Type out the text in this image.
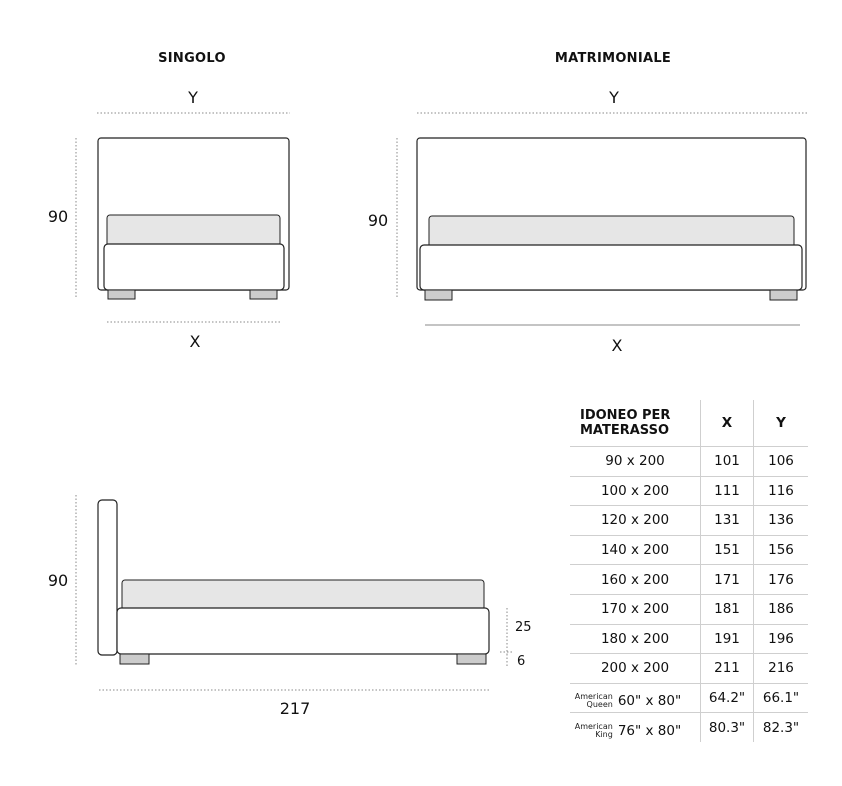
SINGOLO
Y
90
X
MATRIMONIALE
Y
90
X
90
25
6
217
IDONEO PER MATERASSO	X	Y
90 x 200	101	106
100 x 200	111	116
120 x 200	131	136
140 x 200	151	156
160 x 200	171	176
170 x 200	181	186
180 x 200	191	196
200 x 200	211	216

American
Queen 60" x 80"	64.2"	66.1"

American
King 76" x 80"	80.3"	82.3"
